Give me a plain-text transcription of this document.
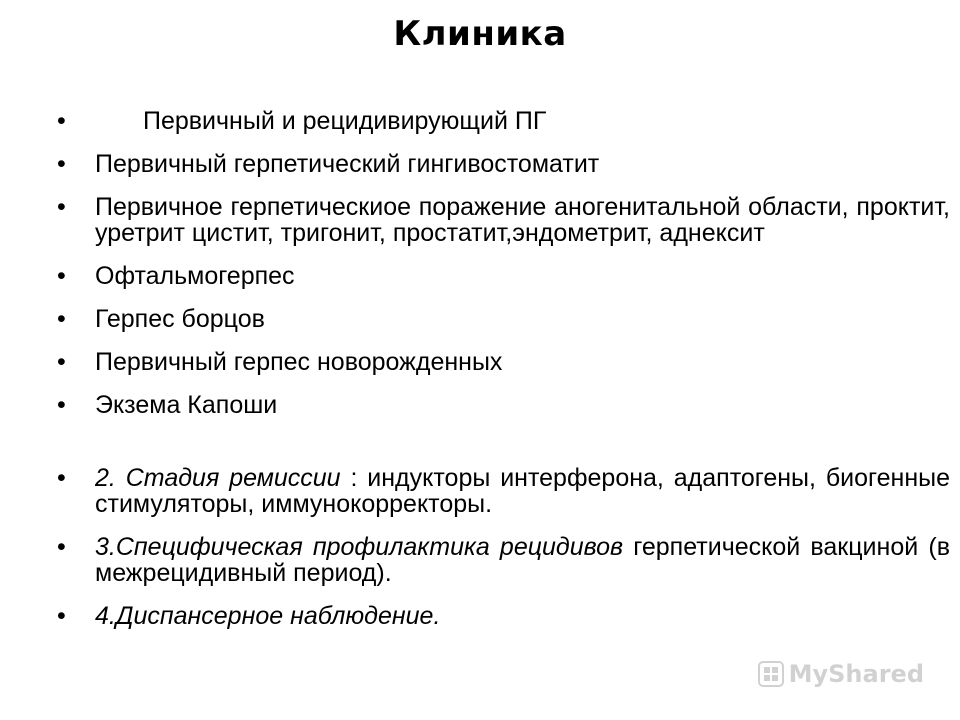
Клиника
•	Первичный и рецидивирующий ПГ
• Первичный герпетический гингивостоматит
• Первичное герпетическиое поражение аногенитальной области, проктит, уретрит цистит, тригонит, простатит,эндометрит, аднексит
• Офтальмогерпес
• Герпес борцов
• Первичный герпес новорожденных
• Экзема Капоши
• 2. Стадия ремиссии : индукторы интерферона, адаптогены, биогенные стимуляторы, иммунокорректоры.
• 3.Специфическая профилактика рецидивов герпетической вакциной (в межрецидивный период).
• 4.Диспансерное наблюдение.
MyShared
